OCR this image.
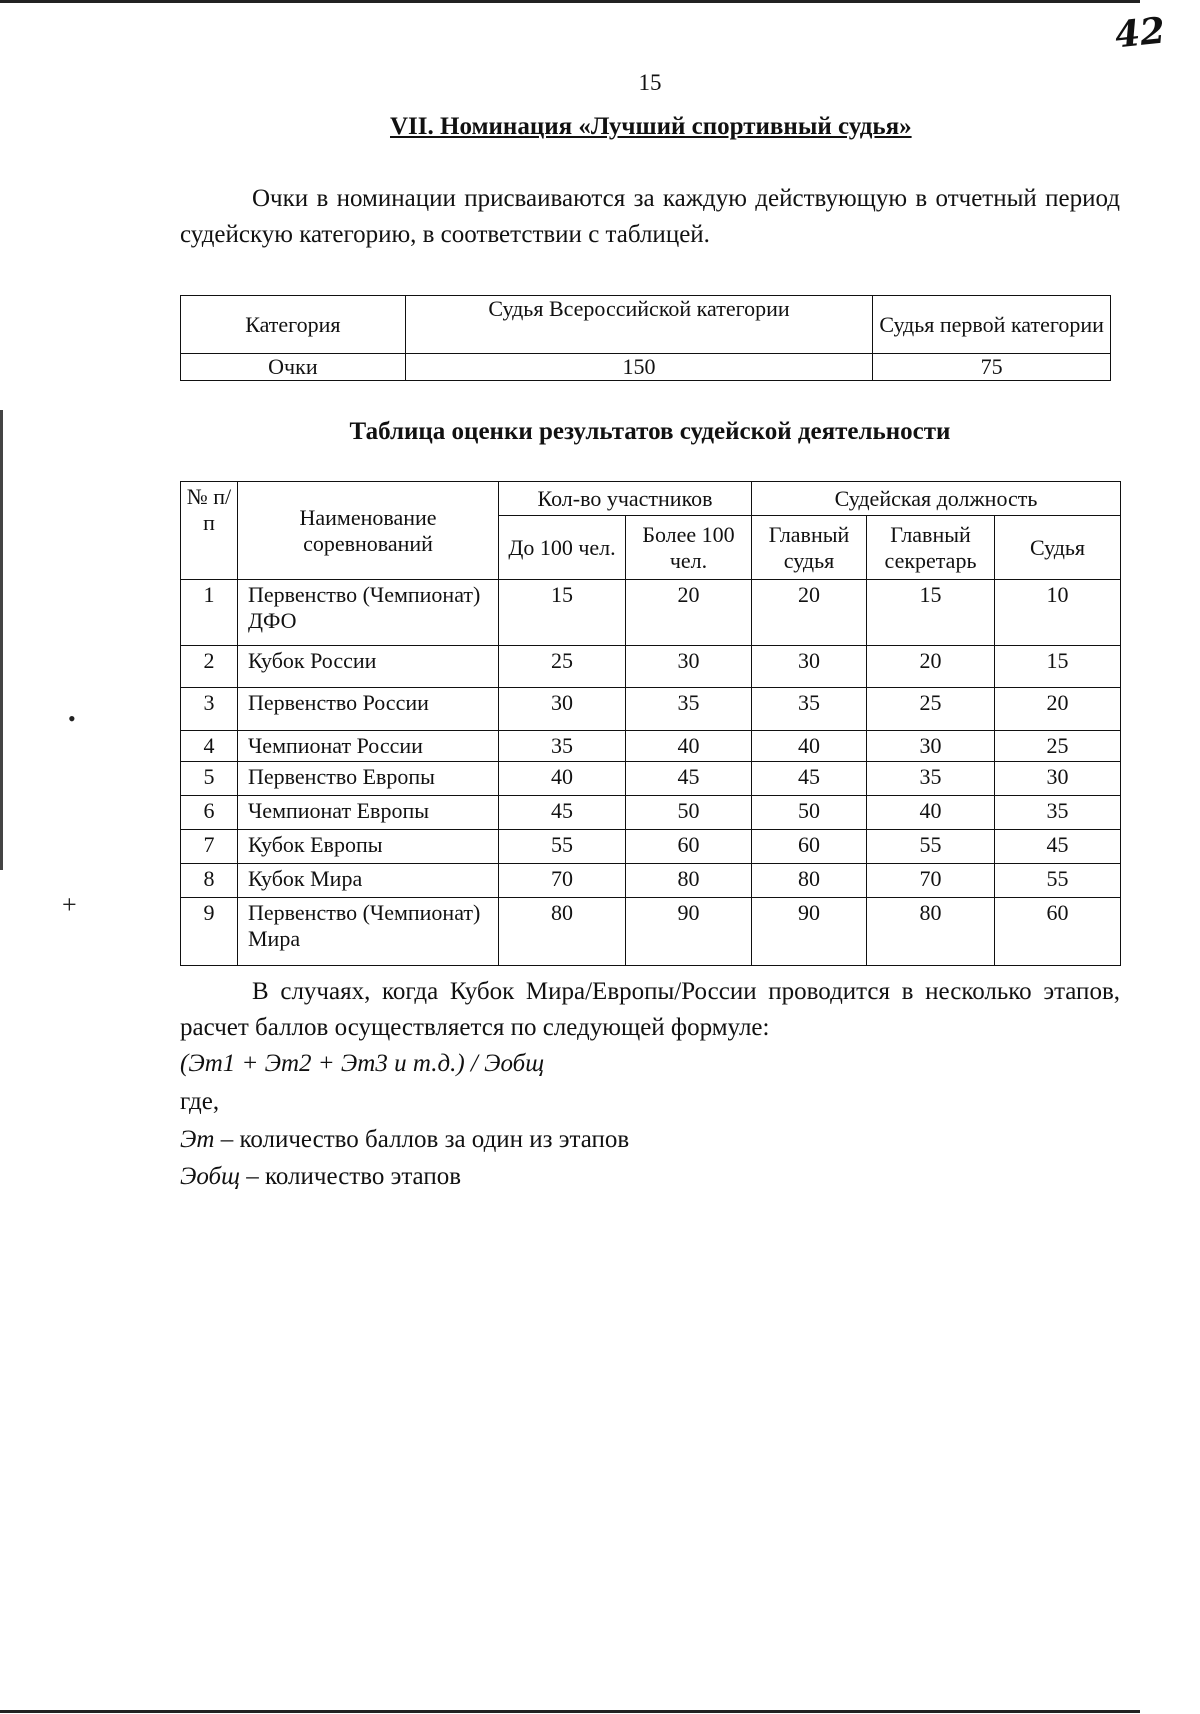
42
15
VII. Номинация «Лучший спортивный судья»
Очки в номинации присваиваются за каждую действующую в отчетный период судейскую категорию, в соответствии с таблицей.
Категория	Судья Всероссийской категории	Судья первой категории
Очки	150	75
Таблица оценки результатов судейской деятельности
№ п/п	Наименование соревнований	Кол-во участников		Судейская должность		
		До 100 чел.	Более 100 чел.	Главный судья	Главный секретарь	Судья
1	Первенство (Чемпионат) ДФО	15	20	20	15	10
2	Кубок России	25	30	30	20	15
3	Первенство России	30	35	35	25	20
4	Чемпионат России	35	40	40	30	25
5	Первенство Европы	40	45	45	35	30
6	Чемпионат Европы	45	50	50	40	35
7	Кубок Европы	55	60	60	55	45
8	Кубок Мира	70	80	80	70	55
9	Первенство (Чемпионат) Мира	80	90	90	80	60
В случаях, когда Кубок Мира/Европы/России проводится в несколько этапов, расчет баллов осуществляется по следующей формуле:
(Эт1 + Эт2 + Эт3 и т.д.) / Эобщ
где,
Эт – количество баллов за один из этапов
Эобщ – количество этапов
•
+
